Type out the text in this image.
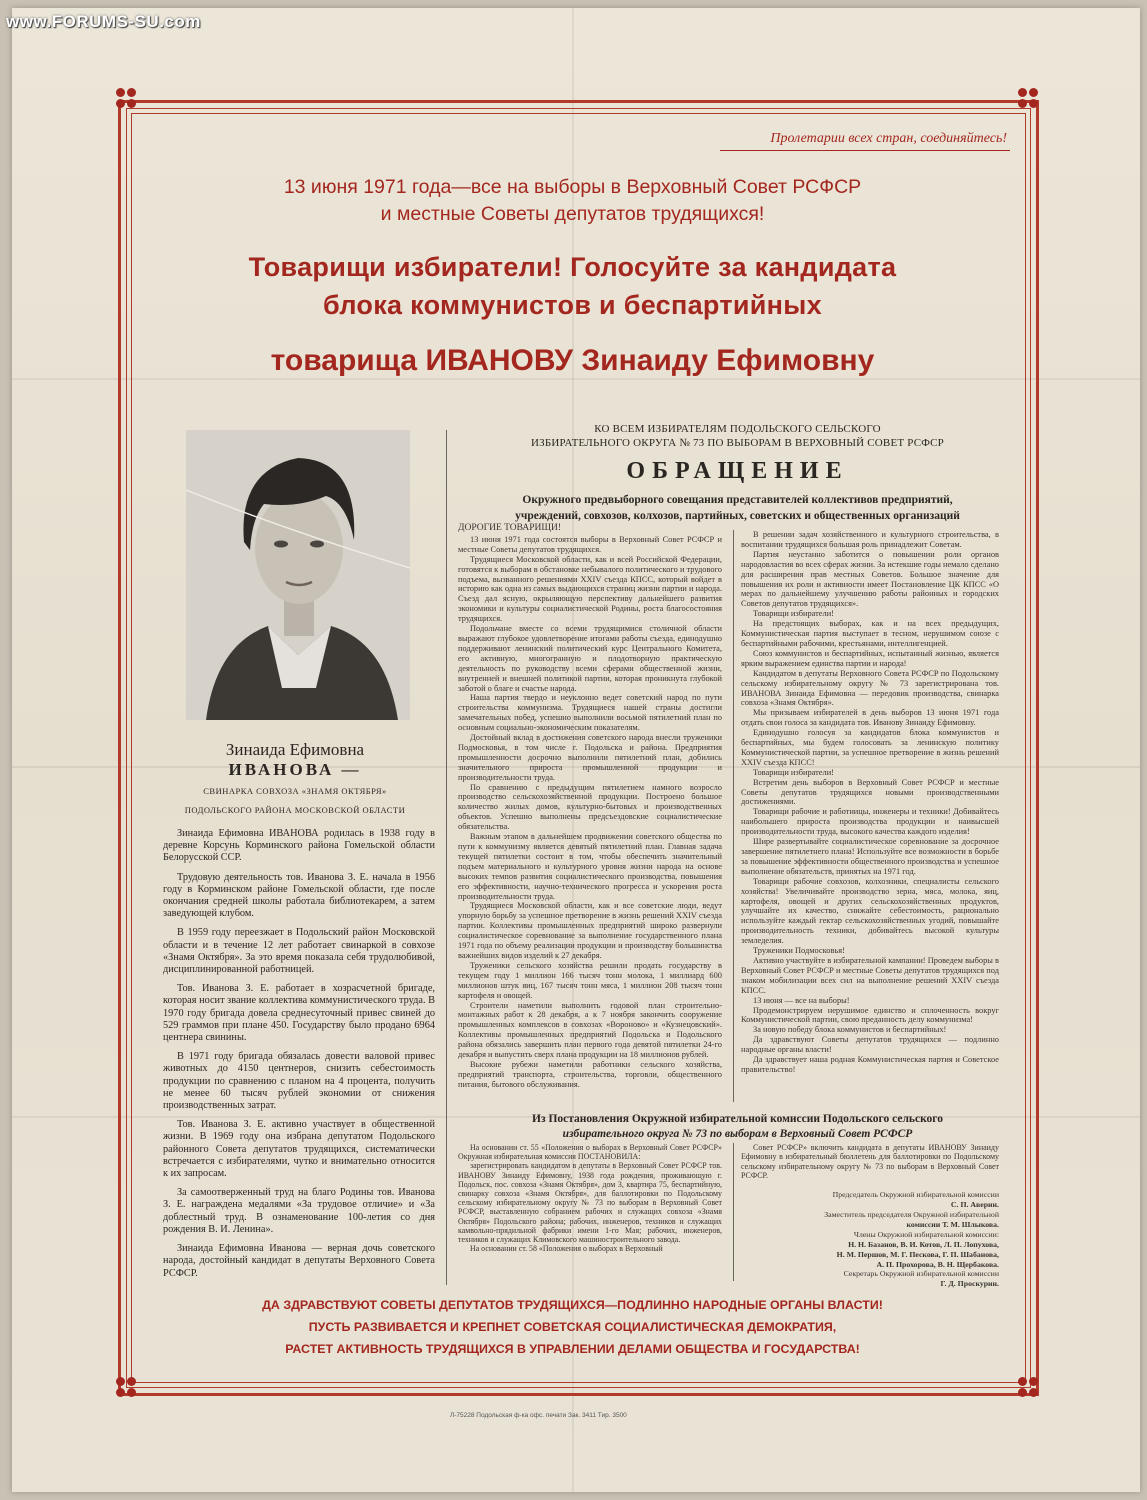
www.FORUMS-SU.com
Пролетарии всех стран, соединяйтесь!
13 июня 1971 года—все на выборы в Верховный Совет РСФСР
и местные Советы депутатов трудящихся!
Товарищи избиратели! Голосуйте за кандидата
блока коммунистов и беспартийных
товарища ИВАНОВУ Зинаиду Ефимовну
Зинаида Ефимовна
ИВАНОВА —
СВИНАРКА СОВХОЗА «ЗНАМЯ ОКТЯБРЯ»
ПОДОЛЬСКОГО РАЙОНА МОСКОВСКОЙ ОБЛАСТИ

Зинаида Ефимовна ИВАНОВА родилась в 1938 году в деревне Корсунь Корминского района Гомельской области Белорусской ССР.

Трудовую деятельность тов. Иванова З. Е. начала в 1956 году в Корминском районе Гомельской области, где после окончания средней школы работала библиотекарем, а затем заведующей клубом.

В 1959 году переезжает в Подольский район Московской области и в течение 12 лет работает свинаркой в совхозе «Знамя Октября». За это время показала себя трудолюбивой, дисциплинированной работницей.

Тов. Иванова З. Е. работает в хозрасчетной бригаде, которая носит звание коллектива коммунистического труда. В 1970 году бригада довела среднесуточный привес свиней до 529 граммов при плане 450. Государству было продано 6964 центнера свинины.

В 1971 году бригада обязалась довести валовой привес животных до 4150 центнеров, снизить себестоимость продукции по сравнению с планом на 4 процента, получить не менее 60 тысяч рублей экономии от снижения производственных затрат.

Тов. Иванова З. Е. активно участвует в общественной жизни. В 1969 году она избрана депутатом Подольского районного Совета депутатов трудящихся, систематически встречается с избирателями, чутко и внимательно относится к их запросам.

За самоотверженный труд на благо Родины тов. Иванова З. Е. награждена медалями «За трудовое отличие» и «За доблестный труд. В ознаменование 100-летия со дня рождения В. И. Ленина».

Зинаида Ефимовна Иванова — верная дочь советского народа, достойный кандидат в депутаты Верховного Совета РСФСР.

КО ВСЕМ ИЗБИРАТЕЛЯМ ПОДОЛЬСКОГО СЕЛЬСКОГО
ИЗБИРАТЕЛЬНОГО ОКРУГА № 73 ПО ВЫБОРАМ В ВЕРХОВНЫЙ СОВЕТ РСФСР
ОБРАЩЕНИЕ
Окружного предвыборного совещания представителей коллективов предприятий,
учреждений, совхозов, колхозов, партийных, советских и общественных организаций
ДОРОГИЕ ТОВАРИЩИ!

13 июня 1971 года состоятся выборы в Верховный Совет РСФСР и местные Советы депутатов трудящихся.

Трудящиеся Московской области, как и всей Российской Федерации, готовятся к выборам в обстановке небывалого политического и трудового подъема, вызванного решениями XXIV съезда КПСС, который войдет в историю как одна из самых выдающихся страниц жизни партии и народа. Съезд дал ясную, окрыляющую перспективу дальнейшего развития экономики и культуры социалистической Родины, роста благосостояния трудящихся.

Подольчане вместе со всеми трудящимися столичной области выражают глубокое удовлетворение итогами работы съезда, единодушно поддерживают ленинский политический курс Центрального Комитета, его активную, многогранную и плодотворную практическую деятельность по руководству всеми сферами общественной жизни, внутренней и внешней политикой партии, которая проникнута глубокой заботой о благе и счастье народа.

Наша партия твердо и неуклонно ведет советский народ по пути строительства коммунизма. Трудящиеся нашей страны достигли замечательных побед, успешно выполнили восьмой пятилетний план по основным социально-экономическим показателям.

Достойный вклад в достижения советского народа внесли труженики Подмосковья, в том числе г. Подольска и района. Предприятия промышленности досрочно выполнили пятилетний план, добились значительного прироста промышленной продукции и производительности труда.

По сравнению с предыдущим пятилетием намного возросло производство сельскохозяйственной продукции. Построено большое количество жилых домов, культурно-бытовых и производственных объектов. Успешно выполнены предсъездовские социалистические обязательства.

Важным этапом в дальнейшем продвижении советского общества по пути к коммунизму является девятый пятилетний план. Главная задача текущей пятилетки состоит в том, чтобы обеспечить значительный подъем материального и культурного уровня жизни народа на основе высоких темпов развития социалистического производства, повышения его эффективности, научно-технического прогресса и ускорения роста производительности труда.

Трудящиеся Московской области, как и все советские люди, ведут упорную борьбу за успешное претворение в жизнь решений XXIV съезда партии. Коллективы промышленных предприятий широко развернули социалистическое соревнование за выполнение государственного плана 1971 года по объему реализации продукции и производству большинства важнейших видов изделий к 27 декабря.

Труженики сельского хозяйства решили продать государству в текущем году 1 миллион 166 тысяч тонн молока, 1 миллиард 600 миллионов штук яиц, 167 тысяч тонн мяса, 1 миллион 208 тысяч тонн картофеля и овощей.

Строители наметили выполнить годовой план строительно-монтажных работ к 28 декабря, а к 7 ноября закончить сооружение промышленных комплексов в совхозах «Вороново» и «Кузнецовский». Коллективы промышленных предприятий Подольска и Подольского района обязались завершить план первого года девятой пятилетки 24-го декабря и выпустить сверх плана продукции на 18 миллионов рублей.

Высокие рубежи наметили работники сельского хозяйства, предприятий транспорта, строительства, торговли, общественного питания, бытового обслуживания.

В решении задач хозяйственного и культурного строительства, в воспитании трудящихся большая роль принадлежит Советам.

Партия неустанно заботится о повышении роли органов народовластия во всех сферах жизни. За истекшие годы немало сделано для расширения прав местных Советов. Большое значение для повышения их роли и активности имеет Постановление ЦК КПСС «О мерах по дальнейшему улучшению работы районных и городских Советов депутатов трудящихся».

Товарищи избиратели!

На предстоящих выборах, как и на всех предыдущих, Коммунистическая партия выступает в тесном, нерушимом союзе с беспартийными рабочими, крестьянами, интеллигенцией.

Союз коммунистов и беспартийных, испытанный жизнью, является ярким выражением единства партии и народа!

Кандидатом в депутаты Верховного Совета РСФСР по Подольскому сельскому избирательному округу № 73 зарегистрирована тов. ИВАНОВА Зинаида Ефимовна — передовик производства, свинарка совхоза «Знамя Октября».

Мы призываем избирателей в день выборов 13 июня 1971 года отдать свои голоса за кандидата тов. Иванову Зинаиду Ефимовну.

Единодушно голосуя за кандидатов блока коммунистов и беспартийных, мы будем голосовать за ленинскую политику Коммунистической партии, за успешное претворение в жизнь решений XXIV съезда КПСС!

Товарищи избиратели!

Встретим день выборов в Верховный Совет РСФСР и местные Советы депутатов трудящихся новыми производственными достижениями.

Товарищи рабочие и работницы, инженеры и техники! Добивайтесь наибольшего прироста производства продукции и наивысшей производительности труда, высокого качества каждого изделия!

Шире развертывайте социалистическое соревнование за досрочное завершение пятилетнего плана! Используйте все возможности в борьбе за повышение эффективности общественного производства и успешное выполнение обязательств, принятых на 1971 год.

Товарищи рабочие совхозов, колхозники, специалисты сельского хозяйства! Увеличивайте производство зерна, мяса, молока, яиц, картофеля, овощей и других сельскохозяйственных продуктов, улучшайте их качество, снижайте себестоимость, рационально используйте каждый гектар сельскохозяйственных угодий, повышайте производительность техники, добивайтесь высокой культуры земледелия.

Труженики Подмосковья!

Активно участвуйте в избирательной кампании! Проведем выборы в Верховный Совет РСФСР и местные Советы депутатов трудящихся под знаком мобилизации всех сил на выполнение решений XXIV съезда КПСС.

13 июня — все на выборы!

Продемонстрируем нерушимое единство и сплоченность вокруг Коммунистической партии, свою преданность делу коммунизма!

За новую победу блока коммунистов и беспартийных!

Да здравствуют Советы депутатов трудящихся — подлинно народные органы власти!

Да здравствует наша родная Коммунистическая партия и Советское правительство!

Из Постановления Окружной избирательной комиссии Подольского сельского
избирательного округа № 73 по выборам в Верховный Совет РСФСР

На основании ст. 55 «Положения о выборах в Верховный Совет РСФСР» Окружная избирательная комиссия ПОСТАНОВИЛА:

зарегистрировать кандидатом в депутаты в Верховный Совет РСФСР тов. ИВАНОВУ Зинаиду Ефимовну, 1938 года рождения, проживающую г. Подольск, пос. совхоза «Знамя Октября», дом 3, квартира 75, беспартийную, свинарку совхоза «Знамя Октября», для баллотировки по Подольскому сельскому избирательному округу № 73 по выборам в Верховный Совет РСФСР, выставленную собранием рабочих и служащих совхоза «Знамя Октября» Подольского района; рабочих, инженеров, техников и служащих камвольно-прядильной фабрики имени 1-го Мая; рабочих, инженеров, техников и служащих Климовского машиностроительного завода.

На основании ст. 58 «Положения о выборах в Верховный

Совет РСФСР» включить кандидата в депутаты ИВАНОВУ Зинаиду Ефимовну в избирательный бюллетень для баллотировки по Подольскому сельскому избирательному округу № 73 по выборам в Верховный Совет РСФСР.

Председатель Окружной избирательной комиссии

С. П. Аверин.

Заместитель председателя Окружной избирательной

комиссии Т. М. Шлыкова.

Члены Окружной избирательной комиссии:

Н. Н. Базанов, В. И. Котов, Л. П. Лопухова,

Н. М. Першов, М. Г. Пескова, Г. П. Шабанова,

А. П. Прохорова, В. Н. Щербакова.

Секретарь Окружной избирательной комиссии

Г. Д. Проскурин.

ДА ЗДРАВСТВУЮТ СОВЕТЫ ДЕПУТАТОВ ТРУДЯЩИХСЯ—ПОДЛИННО НАРОДНЫЕ ОРГАНЫ ВЛАСТИ!
ПУСТЬ РАЗВИВАЕТСЯ И КРЕПНЕТ СОВЕТСКАЯ СОЦИАЛИСТИЧЕСКАЯ ДЕМОКРАТИЯ,
РАСТЕТ АКТИВНОСТЬ ТРУДЯЩИХСЯ В УПРАВЛЕНИИ ДЕЛАМИ ОБЩЕСТВА И ГОСУДАРСТВА!
Л-75228 Подольская ф-ка офс. печати Зак. 3411 Тир. 3500
